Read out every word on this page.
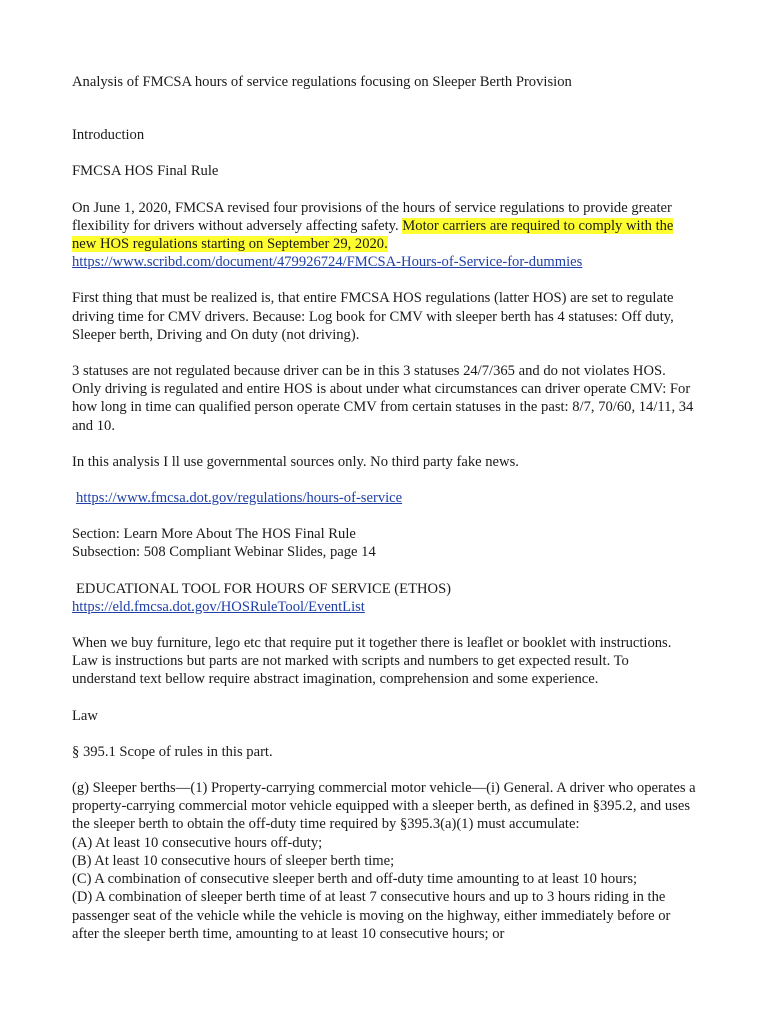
Analysis of FMCSA hours of service regulations focusing on Sleeper Berth Provision

Introduction

FMCSA HOS Final Rule

On June 1, 2020, FMCSA revised four provisions of the hours of service regulations to provide greater flexibility for drivers without adversely affecting safety. Motor carriers are required to comply with the new HOS regulations starting on September 29, 2020.

https://www.scribd.com/document/479926724/FMCSA-Hours-of-Service-for-dummies

First thing that must be realized is, that entire FMCSA HOS regulations (latter HOS) are set to regulate driving time for CMV drivers. Because: Log book for CMV with sleeper berth has 4 statuses: Off duty, Sleeper berth, Driving and On duty (not driving).

3 statuses are not regulated because driver can be in this 3 statuses 24/7/365 and do not violates HOS. Only driving is regulated and entire HOS is about under what circumstances can driver operate CMV: For how long in time can qualified person operate CMV from certain statuses in the past: 8/7, 70/60, 14/11, 34 and 10.

In this analysis I ll use governmental sources only. No third party fake news.

https://www.fmcsa.dot.gov/regulations/hours-of-service

Section: Learn More About The HOS Final Rule

Subsection: 508 Compliant Webinar Slides, page 14

EDUCATIONAL TOOL FOR HOURS OF SERVICE (ETHOS)

https://eld.fmcsa.dot.gov/HOSRuleTool/EventList

When we buy furniture, lego etc that require put it together there is leaflet or booklet with instructions. Law is instructions but parts are not marked with scripts and numbers to get expected result. To understand text bellow require abstract imagination, comprehension and some experience.

Law

§ 395.1 Scope of rules in this part.

(g) Sleeper berths—(1) Property-carrying commercial motor vehicle—(i) General. A driver who operates a property-carrying commercial motor vehicle equipped with a sleeper berth, as defined in §395.2, and uses the sleeper berth to obtain the off-duty time required by §395.3(a)(1) must accumulate:

(A) At least 10 consecutive hours off-duty;

(B) At least 10 consecutive hours of sleeper berth time;

(C) A combination of consecutive sleeper berth and off-duty time amounting to at least 10 hours;

(D) A combination of sleeper berth time of at least 7 consecutive hours and up to 3 hours riding in the passenger seat of the vehicle while the vehicle is moving on the highway, either immediately before or after the sleeper berth time, amounting to at least 10 consecutive hours; or
